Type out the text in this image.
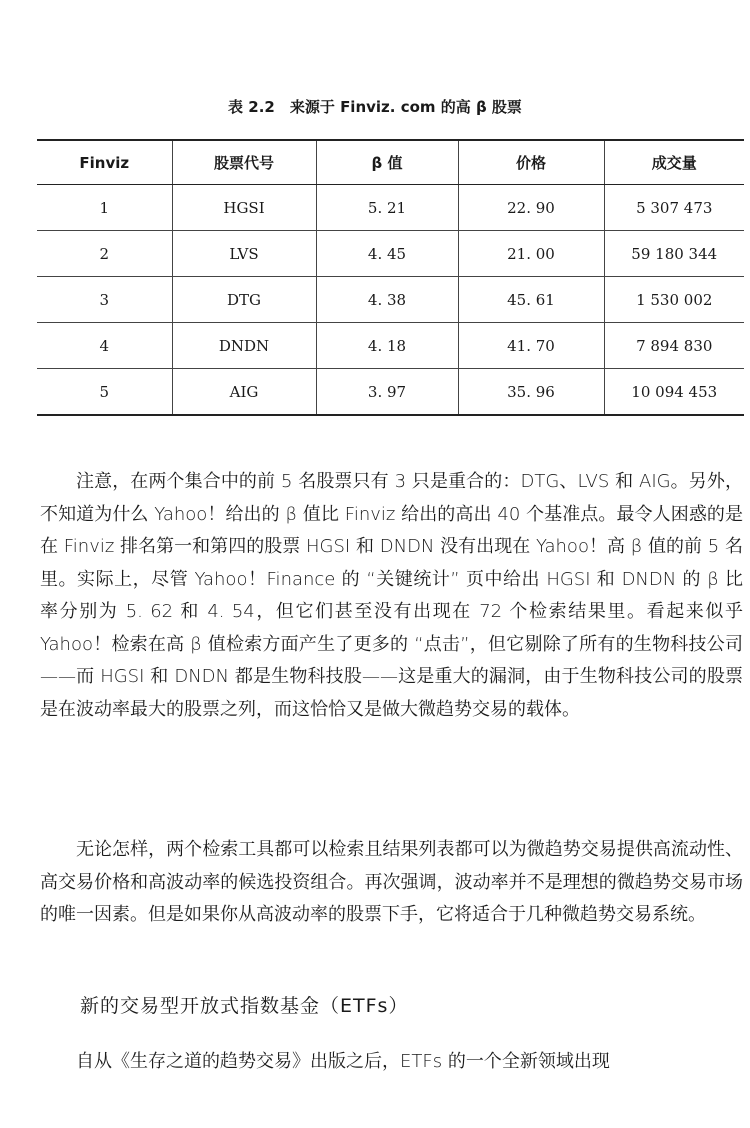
表 2.2　来源于 Finviz. com 的高 β 股票
Finviz	股票代号	β 值	价格	成交量
1	HGSI	5. 21	22. 90	5 307 473
2	LVS	4. 45	21. 00	59 180 344
3	DTG	4. 38	45. 61	1 530 002
4	DNDN	4. 18	41. 70	7 894 830
5	AIG	3. 97	35. 96	10 094 453

注意，在两个集合中的前 5 名股票只有 3 只是重合的：DTG、LVS 和 AIG。另外，不知道为什么 Yahoo！给出的 β 值比 Finviz 给出的高出 40 个基准点。最令人困惑的是在 Finviz 排名第一和第四的股票 HGSI 和 DNDN 没有出现在 Yahoo！高 β 值的前 5 名里。实际上，尽管 Yahoo！Finance 的 “关键统计” 页中给出 HGSI 和 DNDN 的 β 比率分别为 5. 62 和 4. 54，但它们甚至没有出现在 72 个检索结果里。看起来似乎 Yahoo！检索在高 β 值检索方面产生了更多的 “点击”，但它剔除了所有的生物科技公司——而 HGSI 和 DNDN 都是生物科技股——这是重大的漏洞，由于生物科技公司的股票是在波动率最大的股票之列，而这恰恰又是做大微趋势交易的载体。

无论怎样，两个检索工具都可以检索且结果列表都可以为微趋势交易提供高流动性、高交易价格和高波动率的候选投资组合。再次强调，波动率并不是理想的微趋势交易市场的唯一因素。但是如果你从高波动率的股票下手，它将适合于几种微趋势交易系统。

新的交易型开放式指数基金（ETFs）

自从《生存之道的趋势交易》出版之后，ETFs 的一个全新领域出现
